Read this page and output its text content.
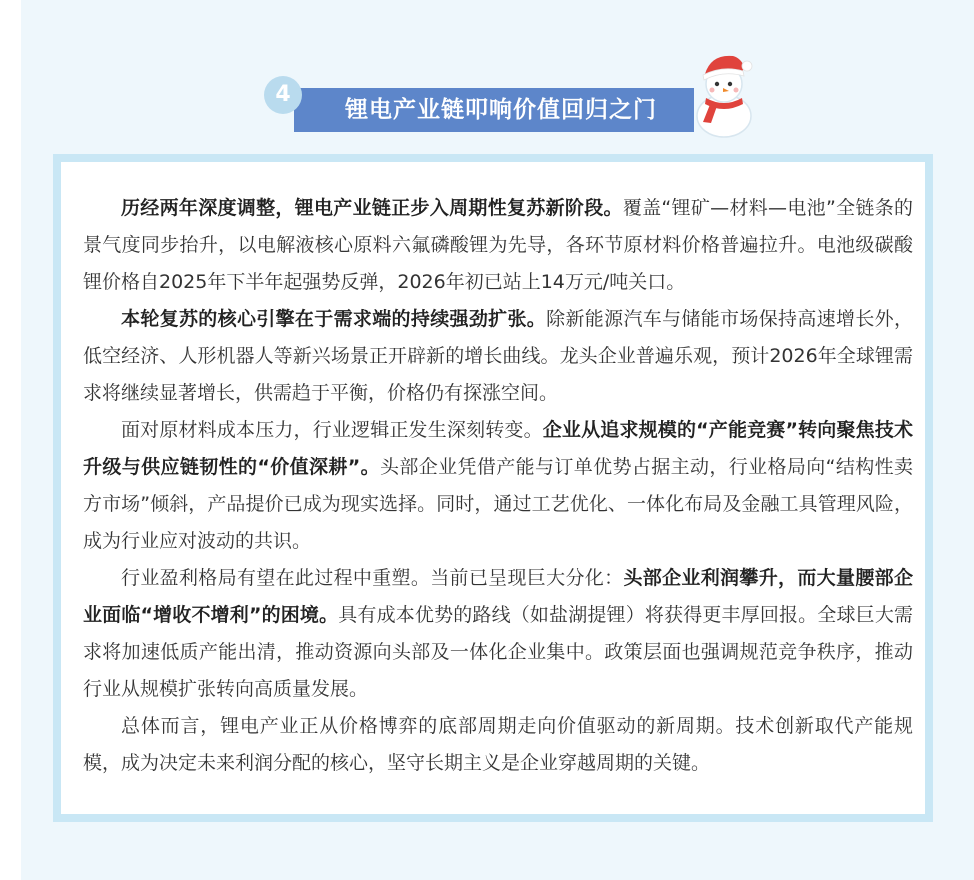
4
锂电产业链叩响价值回归之门

历经两年深度调整，锂电产业链正步入周期性复苏新阶段。覆盖“锂矿—材料—电池”全链条的景气度同步抬升，以电解液核心原料六氟磷酸锂为先导，各环节原材料价格普遍拉升。电池级碳酸锂价格自2025年下半年起强势反弹，2026年初已站上14万元/吨关口。

本轮复苏的核心引擎在于需求端的持续强劲扩张。除新能源汽车与储能市场保持高速增长外，低空经济、人形机器人等新兴场景正开辟新的增长曲线。龙头企业普遍乐观，预计2026年全球锂需求将继续显著增长，供需趋于平衡，价格仍有探涨空间。

面对原材料成本压力，行业逻辑正发生深刻转变。企业从追求规模的“产能竞赛”转向聚焦技术升级与供应链韧性的“价值深耕”。头部企业凭借产能与订单优势占据主动，行业格局向“结构性卖方市场”倾斜，产品提价已成为现实选择。同时，通过工艺优化、一体化布局及金融工具管理风险，成为行业应对波动的共识。

行业盈利格局有望在此过程中重塑。当前已呈现巨大分化：头部企业利润攀升，而大量腰部企业面临“增收不增利”的困境。具有成本优势的路线（如盐湖提锂）将获得更丰厚回报。全球巨大需求将加速低质产能出清，推动资源向头部及一体化企业集中。政策层面也强调规范竞争秩序，推动行业从规模扩张转向高质量发展。

总体而言，锂电产业正从价格博弈的底部周期走向价值驱动的新周期。技术创新取代产能规模，成为决定未来利润分配的核心，坚守长期主义是企业穿越周期的关键。
